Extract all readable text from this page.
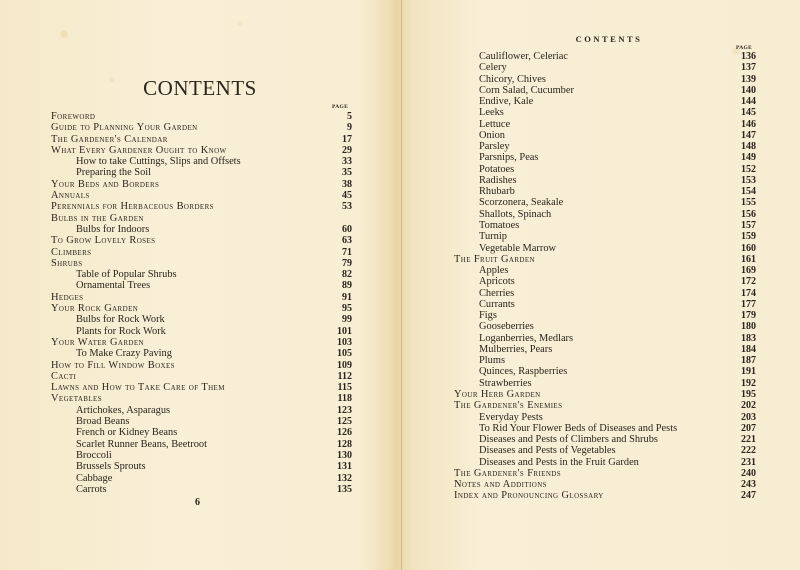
CONTENTS
PAGE
Foreword	5
Guide to Planning Your Garden	9
The Gardener's Calendar	17
What Every Gardener Ought to Know	29
How to take Cuttings, Slips and Offsets	33
Preparing the Soil	35
Your Beds and Borders	38
Annuals	45
Perennials for Herbaceous Borders	53
Bulbs in the Garden
Bulbs for Indoors	60
To Grow Lovely Roses	63
Climbers	71
Shrubs	79
Table of Popular Shrubs	82
Ornamental Trees	89
Hedges	91
Your Rock Garden	95
Bulbs for Rock Work	99
Plants for Rock Work	101
Your Water Garden	103
To Make Crazy Paving	105
How to Fill Window Boxes	109
Cacti	112
Lawns and How to Take Care of Them	115
Vegetables	118
Artichokes, Asparagus	123
Broad Beans	125
French or Kidney Beans	126
Scarlet Runner Beans, Beetroot	128
Broccoli	130
Brussels Sprouts	131
Cabbage	132
Carrots	135
6
CONTENTS
PAGE
Cauliflower, Celeriac	136
Celery	137
Chicory, Chives	139
Corn Salad, Cucumber	140
Endive, Kale	144
Leeks	145
Lettuce	146
Onion	147
Parsley	148
Parsnips, Peas	149
Potatoes	152
Radishes	153
Rhubarb	154
Scorzonera, Seakale	155
Shallots, Spinach	156
Tomatoes	157
Turnip	159
Vegetable Marrow	160
The Fruit Garden	161
Apples	169
Apricots	172
Cherries	174
Currants	177
Figs	179
Gooseberries	180
Loganberries, Medlars	183
Mulberries, Pears	184
Plums	187
Quinces, Raspberries	191
Strawberries	192
Your Herb Garden	195
The Gardener's Enemies	202
Everyday Pests	203
To Rid Your Flower Beds of Diseases and Pests	207
Diseases and Pests of Climbers and Shrubs	221
Diseases and Pests of Vegetables	222
Diseases and Pests in the Fruit Garden	231
The Gardener's Friends	240
Notes and Additions	243
Index and Pronouncing Glossary	247
